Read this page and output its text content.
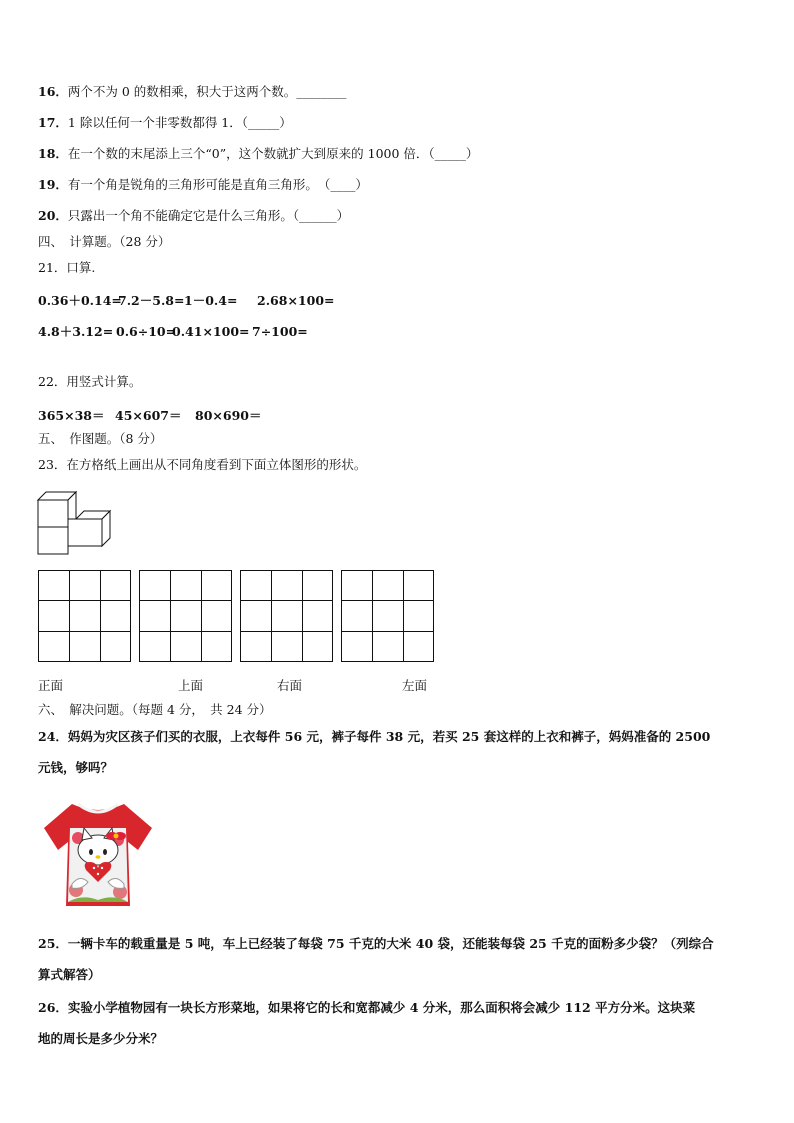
16．两个不为 0 的数相乘，积大于这两个数。________
17．1 除以任何一个非零数都得 1．（_____）
18．在一个数的末尾添上三个“0”，这个数就扩大到原来的 1000 倍．（_____）
19．有一个角是锐角的三角形可能是直角三角形。　（____）
20．只露出一个角不能确定它是什么三角形。（______）
四、　计算题。（28 分）
21．口算.
0.36＋0.14=7.2－5.8=1－0.4= 2.68×100=
4.8＋3.12= 0.6÷10=0.41×100= 7÷100=
22．用竖式计算。
365×38＝ 45×607＝ 80×690＝
五、　作图题。（8 分）
23．在方格纸上画出从不同角度看到下面立体图形的形状。
正面	上面	右面	左面
六、　解决问题。（每题 4 分，　共 24 分）
24．妈妈为灾区孩子们买的衣服，上衣每件 56 元，裤子每件 38 元，若买 25 套这样的上衣和裤子，妈妈准备的 2500
元钱，够吗？
25．一辆卡车的载重量是 5 吨，车上已经装了每袋 75 千克的大米 40 袋，还能装每袋 25 千克的面粉多少袋？（列综合
算式解答）
26．实验小学植物园有一块长方形菜地，如果将它的长和宽都减少 4 分米，那么面积将会减少 112 平方分米。这块菜
地的周长是多少分米？
